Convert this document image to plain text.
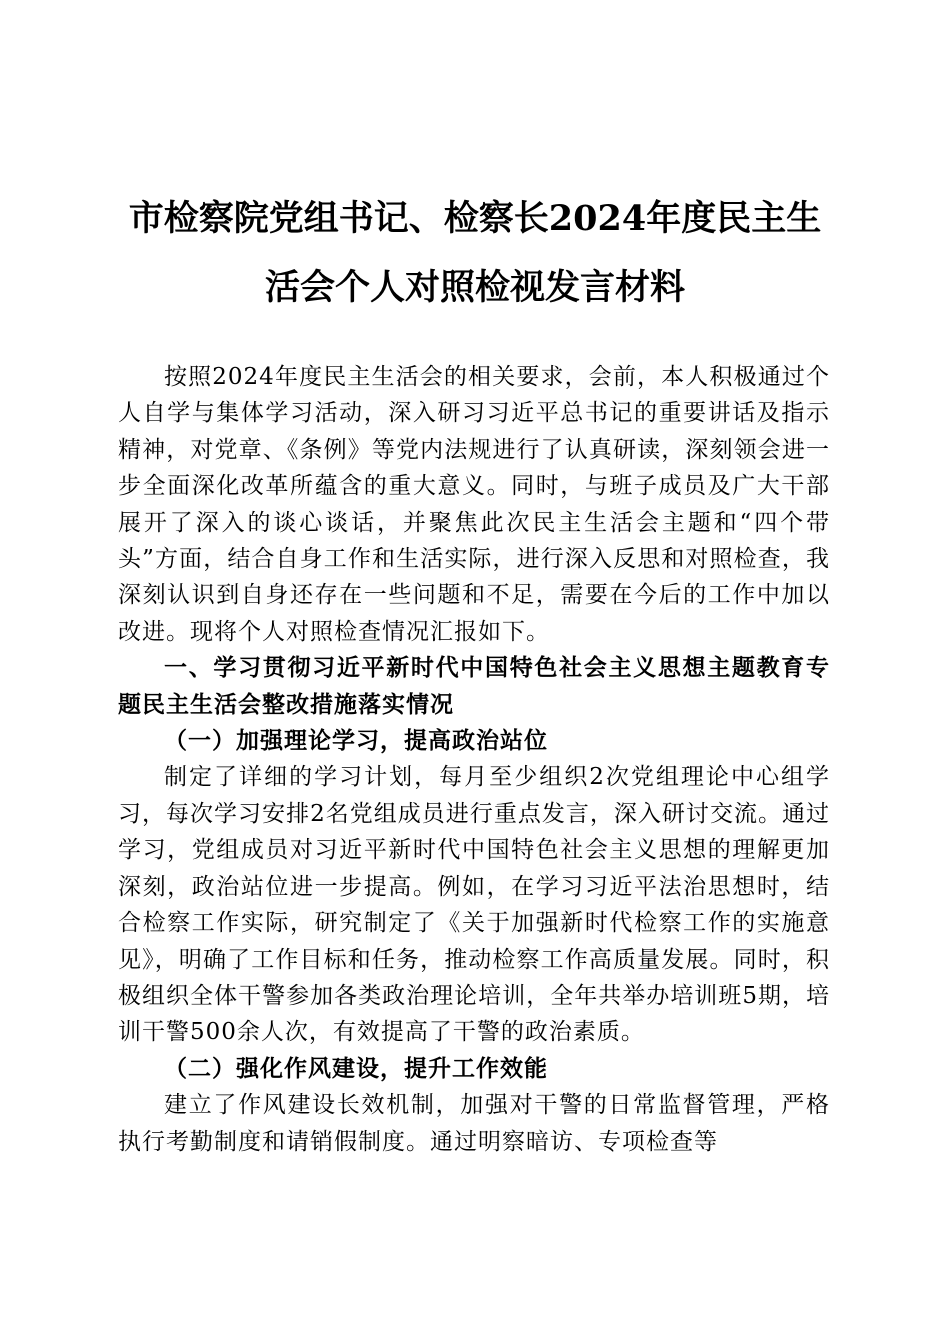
市检察院党组书记、检察长2024年度民主生
活会个人对照检视发言材料

按照2024年度民主生活会的相关要求，会前，本人积极通过个人自学与集体学习活动，深入研习习近平总书记的重要讲话及指示精神，对党章、《条例》等党内法规进行了认真研读，深刻领会进一步全面深化改革所蕴含的重大意义。同时，与班子成员及广大干部展开了深入的谈心谈话，并聚焦此次民主生活会主题和“四个带头”方面，结合自身工作和生活实际，进行深入反思和对照检查，我深刻认识到自身还存在一些问题和不足，需要在今后的工作中加以改进。现将个人对照检查情况汇报如下。

一、学习贯彻习近平新时代中国特色社会主义思想主题教育专题民主生活会整改措施落实情况

（一）加强理论学习，提高政治站位

制定了详细的学习计划，每月至少组织2次党组理论中心组学习，每次学习安排2名党组成员进行重点发言，深入研讨交流。通过学习，党组成员对习近平新时代中国特色社会主义思想的理解更加深刻，政治站位进一步提高。例如，在学习习近平法治思想时，结合检察工作实际，研究制定了《关于加强新时代检察工作的实施意见》，明确了工作目标和任务，推动检察工作高质量发展。同时，积极组织全体干警参加各类政治理论培训，全年共举办培训班5期，培训干警500余人次，有效提高了干警的政治素质。

（二）强化作风建设，提升工作效能

建立了作风建设长效机制，加强对干警的日常监督管理，严格执行考勤制度和请销假制度。通过明察暗访、专项检查等
